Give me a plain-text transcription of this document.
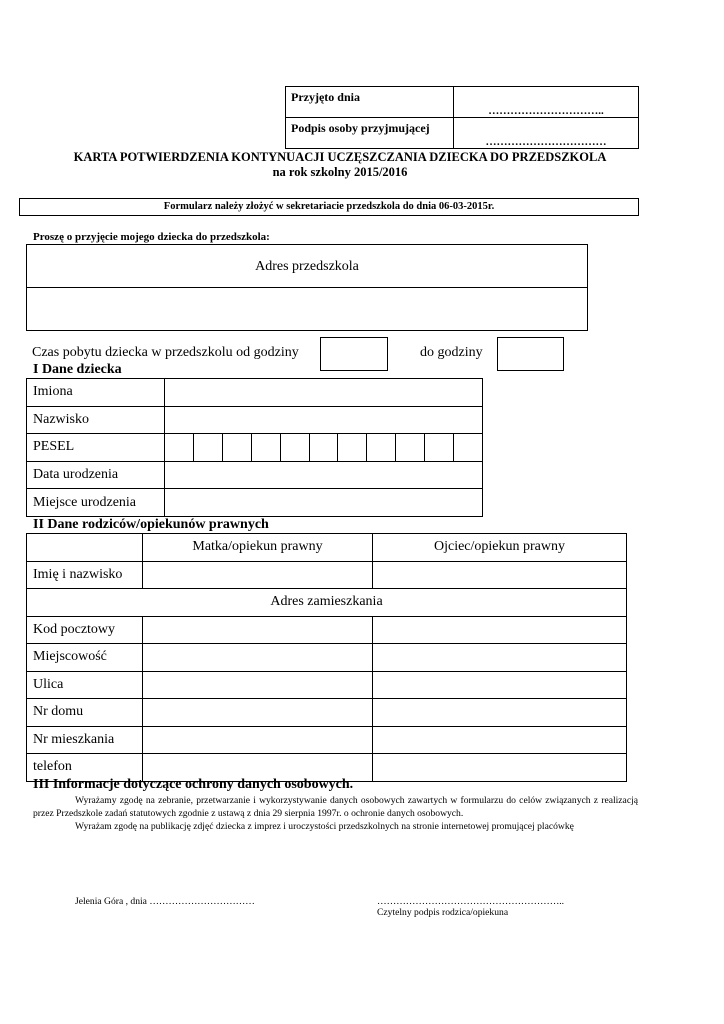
Przyjęto dnia	…………………………..
Podpis osoby przyjmującej	……………………………
KARTA POTWIERDZENIA KONTYNUACJI UCZĘSZCZANIA DZIECKA DO PRZEDSZKOLA
na rok szkolny 2015/2016
Formularz należy złożyć w sekretariacie przedszkola do dnia 06-03-2015r.
Proszę o przyjęcie mojego dziecka do przedszkola:
Adres przedszkola
Czas pobytu dziecka w przedszkolu od godziny	do godziny
I Dane dziecka
Imiona											
Nazwisko											
PESEL											
Data urodzenia											
Miejsce urodzenia											
II Dane rodziców/opiekunów prawnych
	Matka/opiekun prawny	Ojciec/opiekun prawny
Imię i nazwisko		
Adres zamieszkania		
Kod pocztowy		
Miejscowość		
Ulica		
Nr domu		
Nr mieszkania		
telefon		
III Informacje dotyczące ochrony danych osobowych.
Wyrażamy zgodę na zebranie, przetwarzanie i wykorzystywanie danych osobowych zawartych w formularzu do celów związanych z realizacją przez Przedszkole zadań statutowych zgodnie z ustawą z dnia 29 sierpnia 1997r. o ochronie danych osobowych.
Wyrażam zgodę na publikację zdjęć dziecka z imprez i uroczystości przedszkolnych na stronie internetowej promującej placówkę
Jelenia Góra , dnia ……………………………	…………………………………………………..
Czytelny podpis rodzica/opiekuna
